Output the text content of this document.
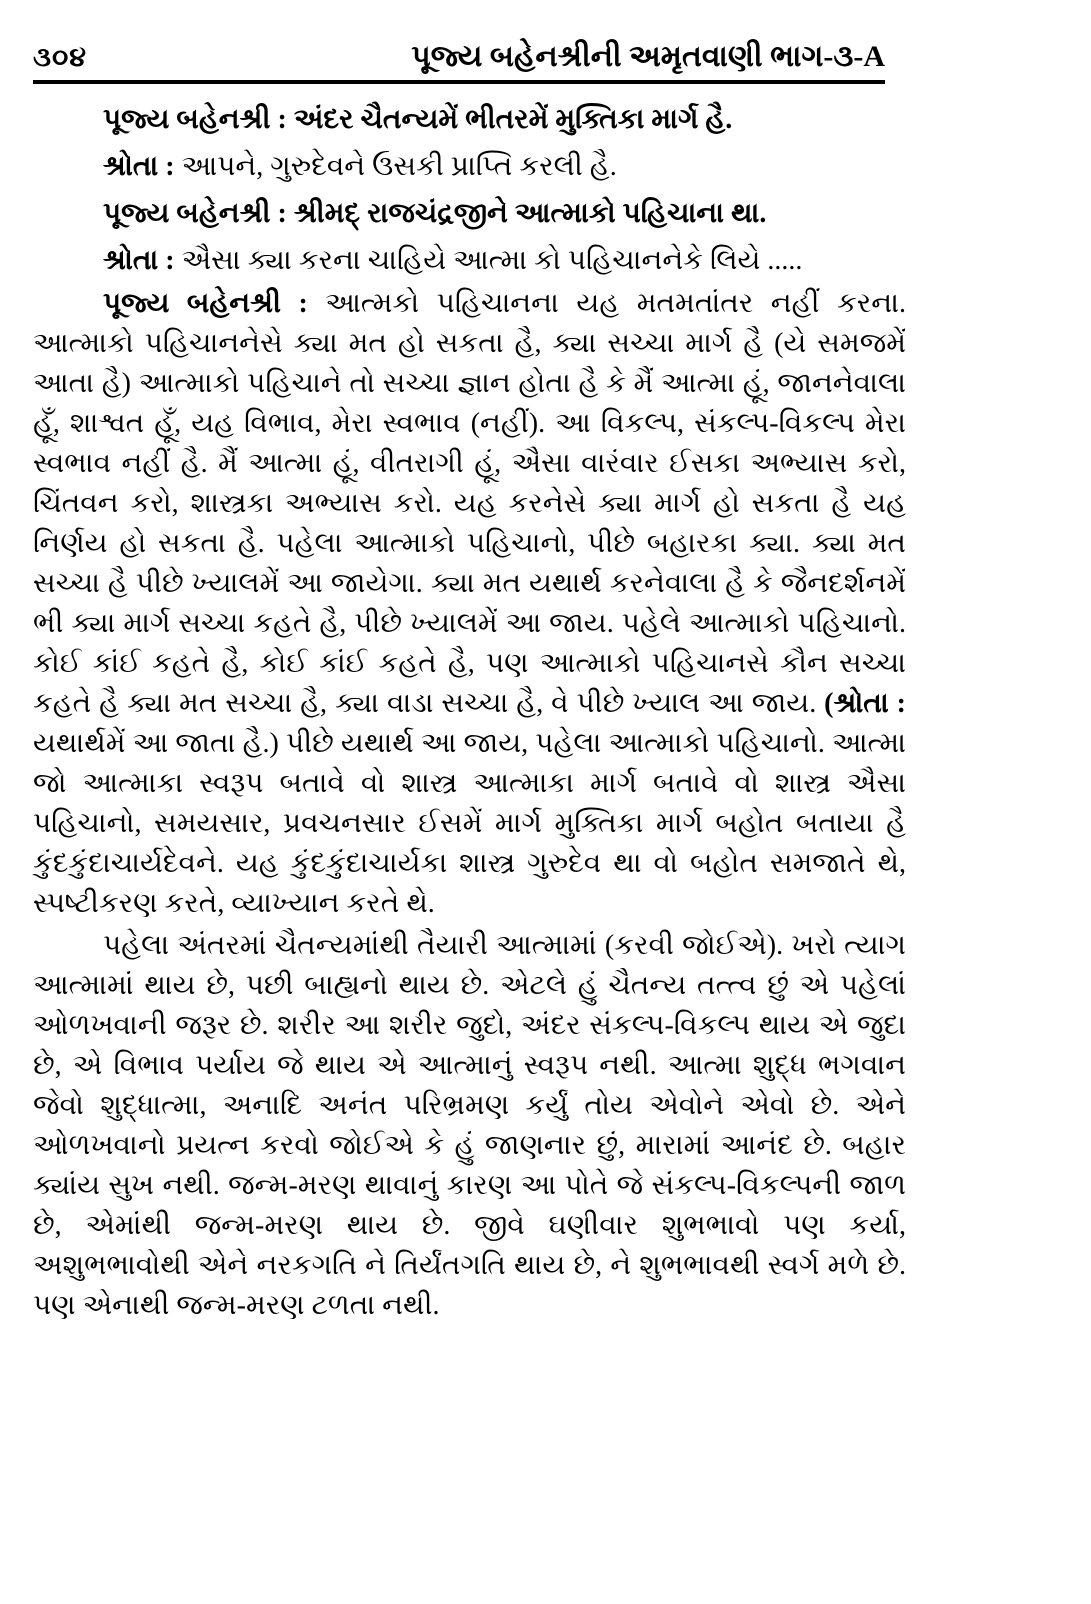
૩૦૪	પૂજ્ય બહેનશ્રીની અમૃતવાણી ભાગ-૩-A
પૂજ્ય બહેનશ્રી : અંદર ચૈતન્યમેં ભીતરમેં મુક્તિકા માર્ગ હૈ.
શ્રોતા : આપને, ગુરુદેવને ઉસકી પ્રાપ્તિ કરલી હૈ.
પૂજ્ય બહેનશ્રી : શ્રીમદ્ રાજચંદ્રજીને આત્માકો પહિચાના થા.
શ્રોતા : ઐસા ક્યા કરના ચાહિયે આત્મા કો પહિચાનનેકે લિયે .....

પૂજ્ય બહેનશ્રી : આત્મકો પહિચાનના યહ મતમતાંતર નહીં કરના. આત્માકો પહિચાનનેસે ક્યા મત હો સકતા હૈ, ક્યા સચ્ચા માર્ગ હૈ (યે સમજમેં આતા હૈ) આત્માકો પહિચાને તો સચ્ચા જ્ઞાન હોતા હૈ કે મૈં આત્મા હૂં, જાનનેવાલા હૂઁ, શાશ્વત હૂઁ, યહ વિભાવ, મેરા સ્વભાવ (નહીં). આ વિકલ્પ, સંકલ્પ-વિકલ્પ મેરા સ્વભાવ નહીં હૈ. મૈં આત્મા હૂં, વીતરાગી હૂં, ઐસા વારંવાર ઈસકા અભ્યાસ કરો, ચિંતવન કરો, શાસ્ત્રકા અભ્યાસ કરો. યહ કરનેસે ક્યા માર્ગ હો સકતા હૈ યહ નિર્ણય હો સકતા હૈ. પહેલા આત્માકો પહિચાનો, પીછે બહારકા ક્યા. ક્યા મત સચ્ચા હૈ પીછે ખ્યાલમેં આ જાયેગા. ક્યા મત યથાર્થ કરનેવાલા હૈ કે જૈનદર્શનમેં ભી ક્યા માર્ગ સચ્ચા કહતે હૈ, પીછે ખ્યાલમેં આ જાય. પહેલે આત્માકો પહિચાનો. કોઈ કાંઈ કહતે હૈ, કોઈ કાંઈ કહતે હૈ, પણ આત્માકો પહિચાનસે કૌન સચ્ચા કહતે હૈ ક્યા મત સચ્ચા હૈ, ક્યા વાડા સચ્ચા હૈ, વે પીછે ખ્યાલ આ જાય. (શ્રોતા : યથાર્થમેં આ જાતા હૈ.) પીછે યથાર્થ આ જાય, પહેલા આત્માકો પહિચાનો. આત્મા જો આત્માકા સ્વરૂપ બતાવે વો શાસ્ત્ર આત્માકા માર્ગ બતાવે વો શાસ્ત્ર ઐસા પહિચાનો, સમયસાર, પ્રવચનસાર ઈસમેં માર્ગ મુક્તિકા માર્ગ બહોત બતાયા હૈ કુંદકુંદાચાર્યદેવને. યહ કુંદકુંદાચાર્યકા શાસ્ત્ર ગુરુદેવ થા વો બહોત સમજાતે થે, સ્પષ્ટીકરણ કરતે, વ્યાખ્યાન કરતે થે.

પહેલા અંતરમાં ચૈતન્યમાંથી તૈયારી આત્મામાં (કરવી જોઈએ). ખરો ત્યાગ આત્મામાં થાય છે, પછી બાહ્યનો થાય છે. એટલે હું ચૈતન્ય તત્ત્વ છું એ પહેલાં ઓળખવાની જરૂર છે. શરીર આ શરીર જુદો, અંદર સંકલ્પ-વિકલ્પ થાય એ જુદા છે, એ વિભાવ પર્યાય જે થાય એ આત્માનું સ્વરૂપ નથી. આત્મા શુદ્ધ ભગવાન જેવો શુદ્ધાત્મા, અનાદિ અનંત પરિભ્રમણ કર્યું તોય એવોને એવો છે. એને ઓળખવાનો પ્રયત્ન કરવો જોઈએ કે હું જાણનાર છું, મારામાં આનંદ છે. બહાર ક્યાંય સુખ નથી. જન્મ-મરણ થાવાનું કારણ આ પોતે જે સંકલ્પ-વિકલ્પની જાળ છે, એમાંથી જન્મ-મરણ થાય છે. જીવે ઘણીવાર શુભભાવો પણ કર્યા, અશુભભાવોથી એને નરકગતિ ને તિર્યંતગતિ થાય છે, ને શુભભાવથી સ્વર્ગ મળે છે. પણ એનાથી જન્મ-મરણ ટળતા નથી.
